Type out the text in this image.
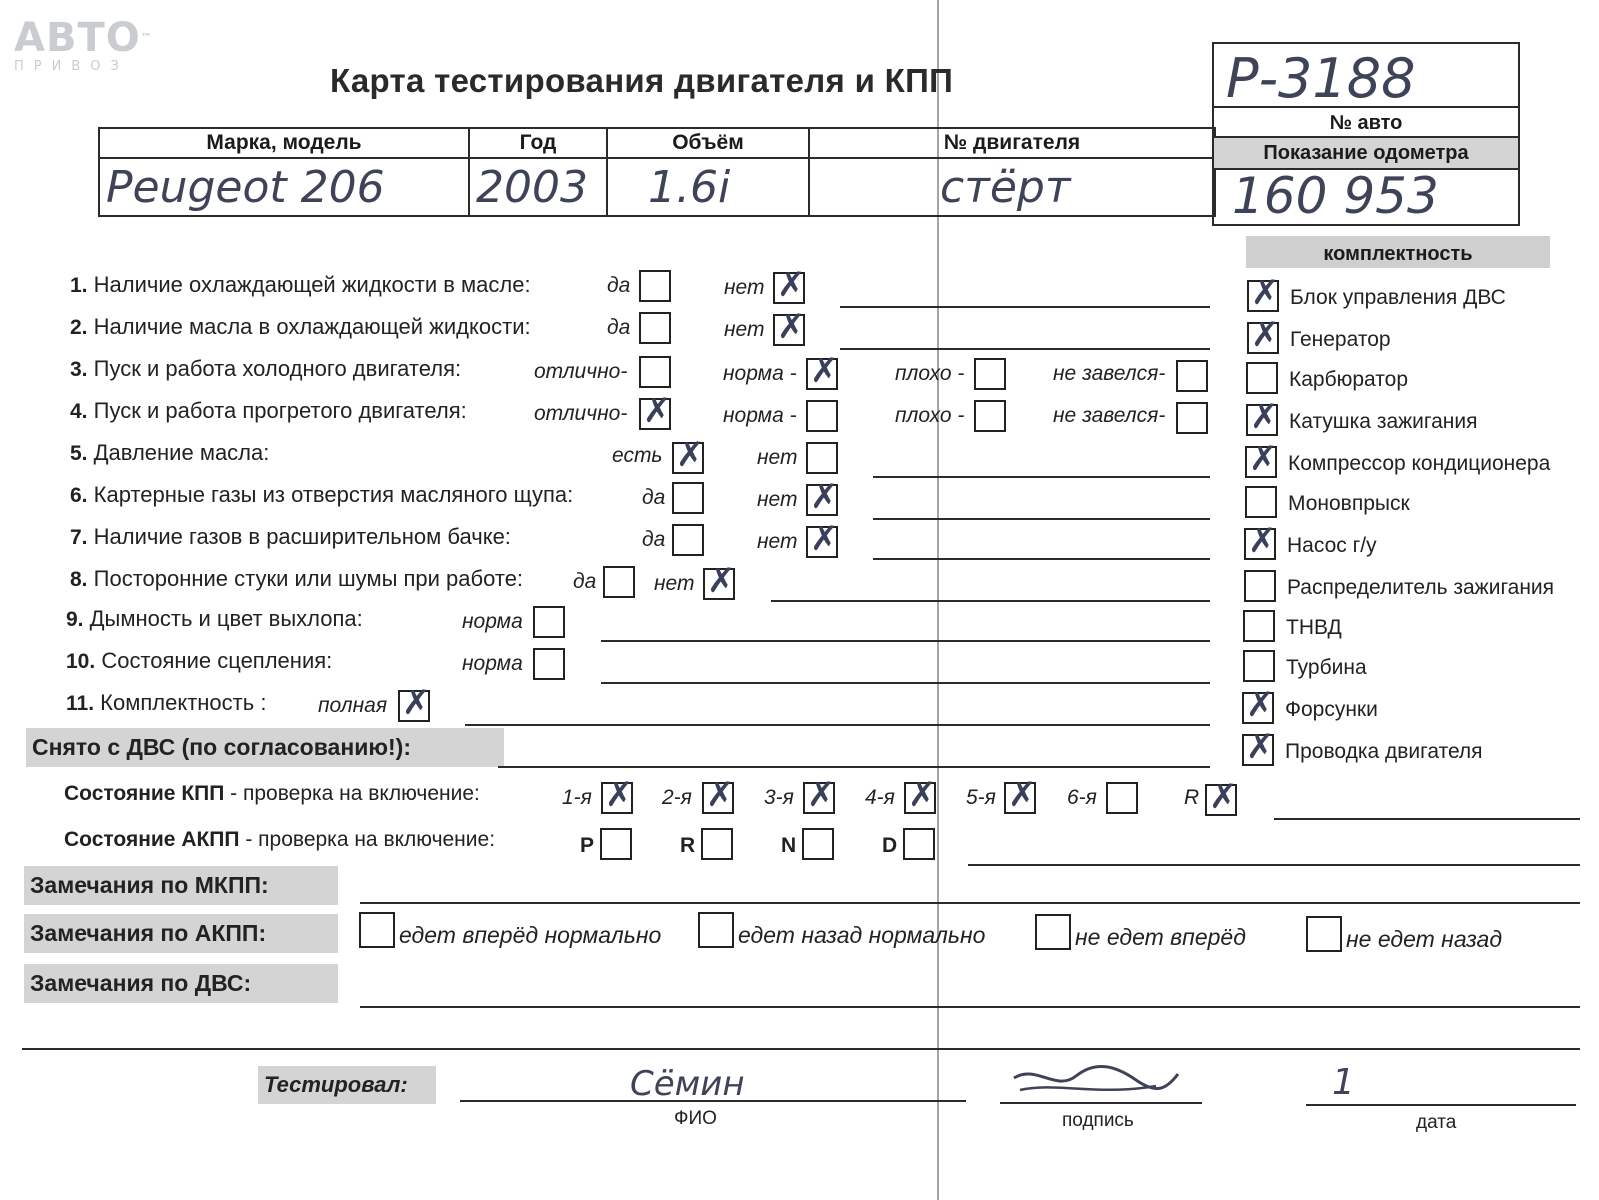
АВТО™
ПРИВОЗ	Карта тестирования двигателя и КПП
Марка, модель	Год	Объём	№ двигателя
Peugeot 206	2003	1.6i	стёрт
Р-3188
№ авто
Показание одометра
160 953
комплектность
1. Наличие охлаждающей жидкости в масле:	да	нет ✗
2. Наличие масла в охлаждающей жидкости:	да	нет ✗
3. Пуск и работа холодного двигателя:	отлично-	норма - ✗	плохо -	не завелся-
4. Пуск и работа прогретого двигателя:	отлично- ✗ норма -	плохо -	не завелся-
5. Давление масла:	есть ✗	нет
6. Картерные газы из отверстия масляного щупа:	да	нет ✗
7. Наличие газов в расширительном бачке:	да	нет ✗
8. Посторонние стуки или шумы при работе: да	нет ✗
9. Дымность и цвет выхлопа:	норма
10. Состояние сцепления:	норма
11. Комплектность : полная ✗
✗ Блок управления ДВС
✗ Генератор
Карбюратор
✗ Катушка зажигания
✗ Компрессор кондиционера
Моновпрыск
✗ Насос г/у
Распределитель зажигания
ТНВД
Турбина
✗ Форсунки
✗ Проводка двигателя
Снято с ДВС (по согласованию!):
Состояние КПП - проверка на включение:	1-я ✗ 2-я ✗ 3-я ✗ 4-я ✗ 5-я ✗ 6-я	R ✗
Состояние АКПП - проверка на включение:	P	R	N	D
Замечания по МКПП:
Замечания по АКПП:	едет вперёд нормально	едет назад нормально	не едет вперёд	не едет назад
Замечания по ДВС:
Тестировал:	Сёмин
ФИО	подпись
1
дата
